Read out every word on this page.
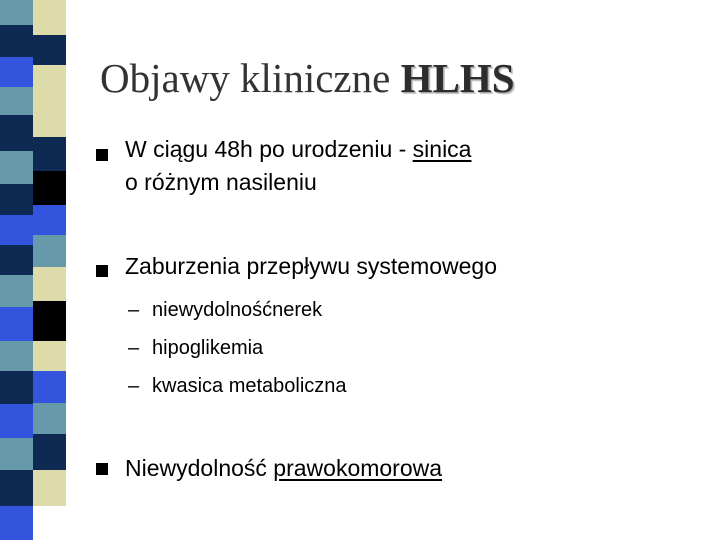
Objawy kliniczne HLHS

W ciągu 48h po urodzeniu - sinica

o różnym nasileniu

Zaburzenia przepływu systemowego

– niewydolnośćnerek

– hipoglikemia

– kwasica metaboliczna

Niewydolność prawokomorowa
